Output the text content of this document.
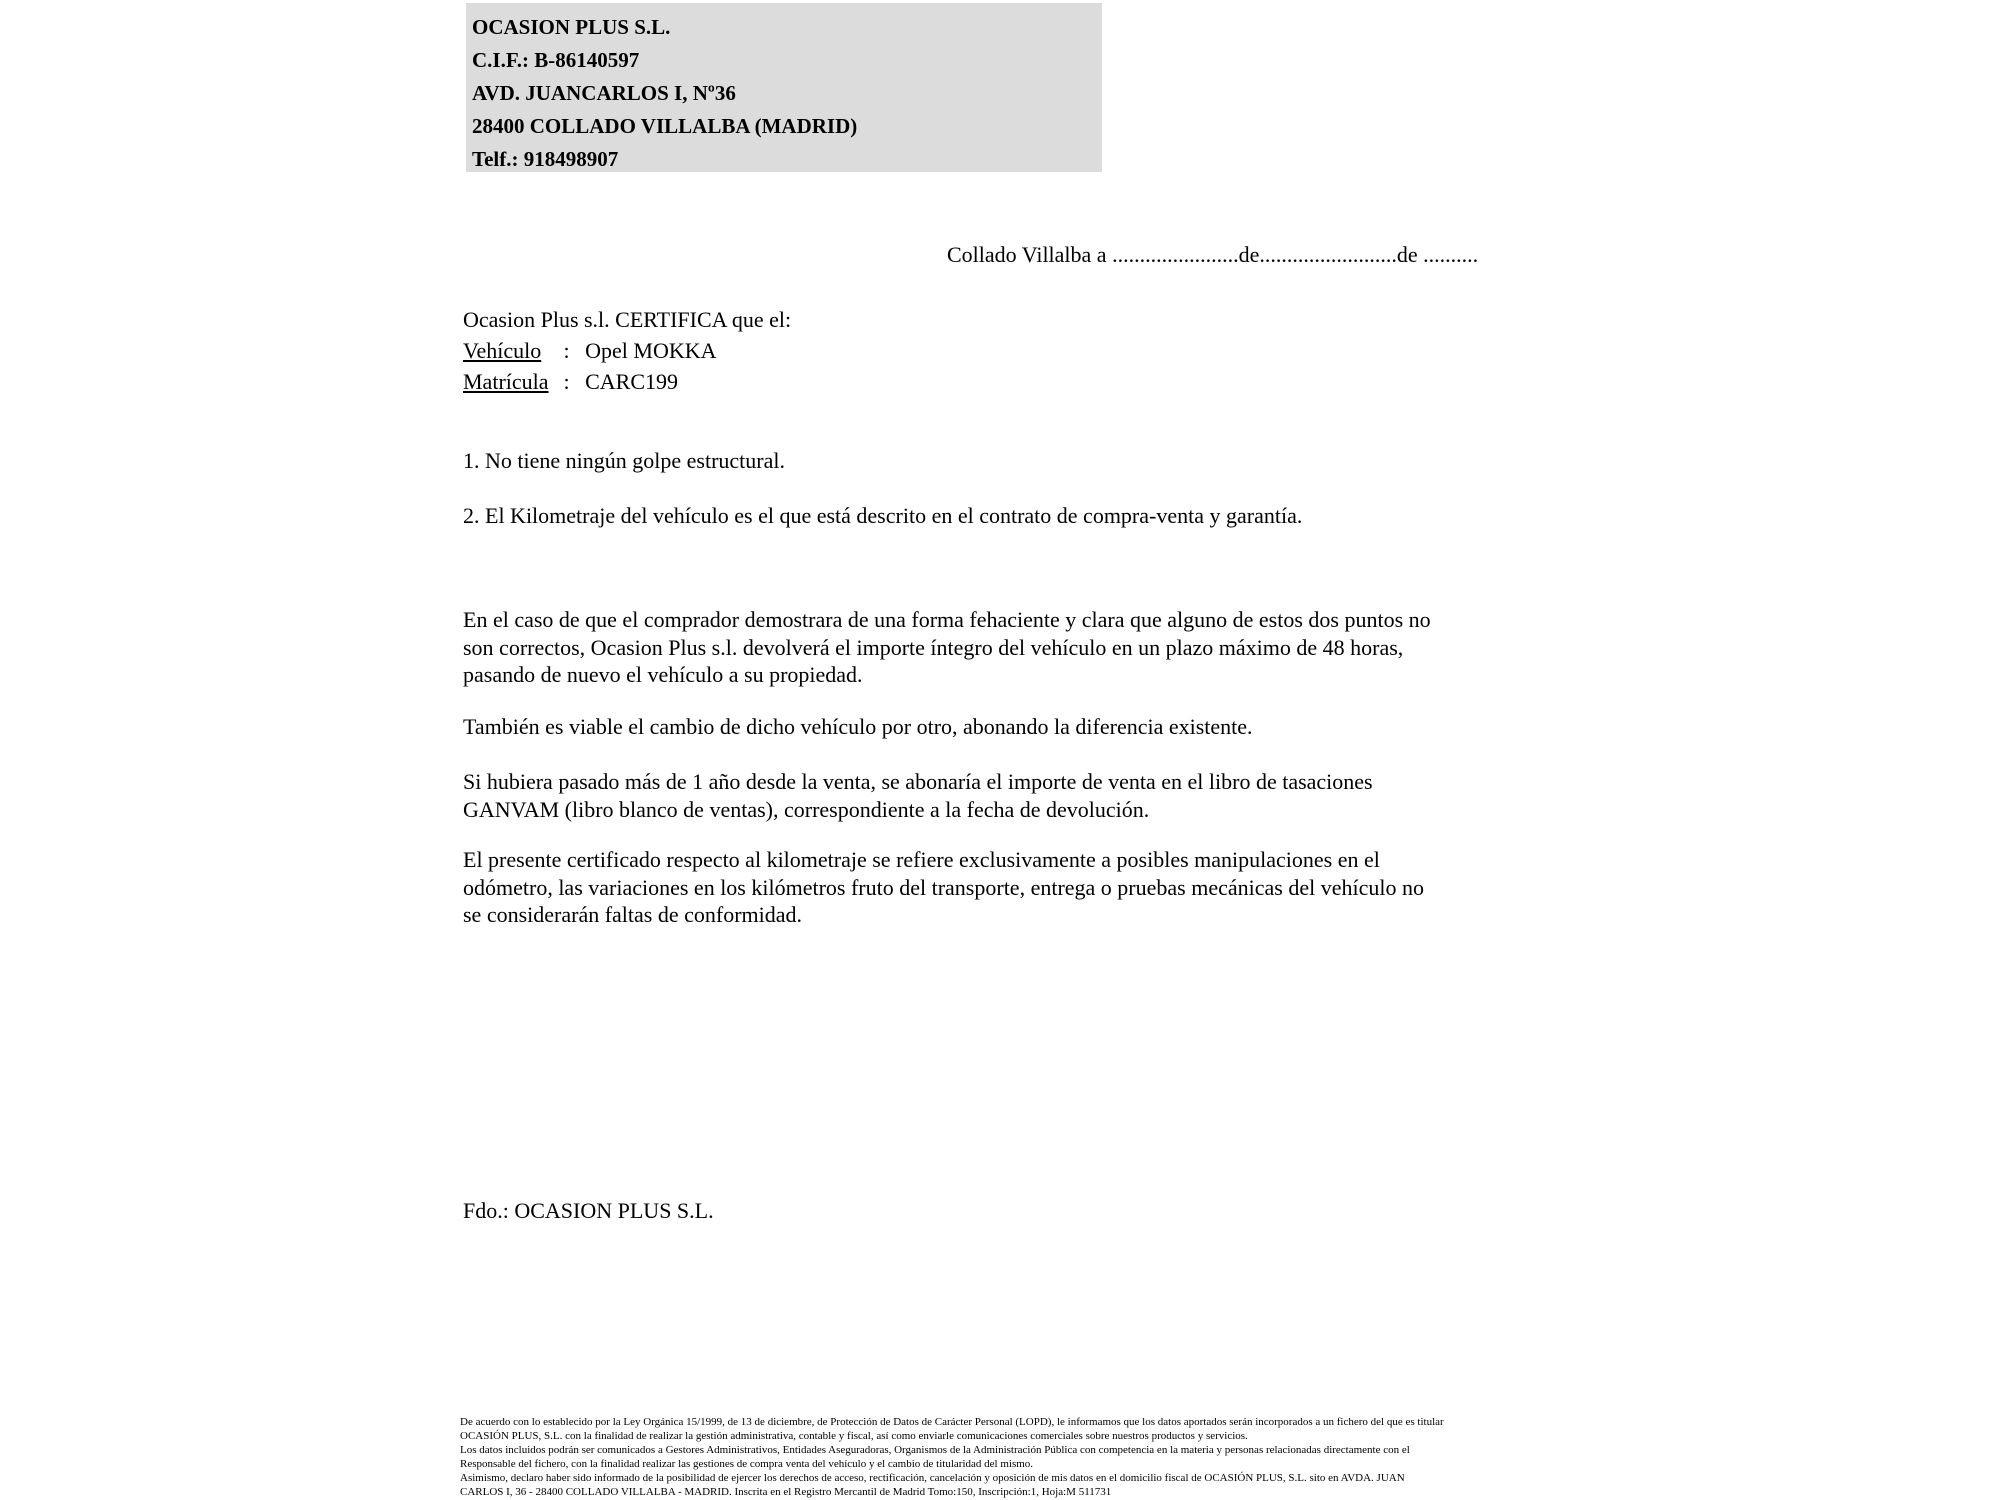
OCASION PLUS S.L.
C.I.F.: B-86140597
AVD. JUANCARLOS I, Nº36
28400 COLLADO VILLALBA (MADRID)
Telf.: 918498907
Collado Villalba a .......................de.........................de ..........
Ocasion Plus s.l. CERTIFICA que el:
Vehículo : Opel MOKKA
Matrícula : CARC199
1. No tiene ningún golpe estructural.
2. El Kilometraje del vehículo es el que está descrito en el contrato de compra-venta y garantía.
En el caso de que el comprador demostrara de una forma fehaciente y clara que alguno de estos dos puntos no
son correctos, Ocasion Plus s.l. devolverá el importe íntegro del vehículo en un plazo máximo de 48 horas,
pasando de nuevo el vehículo a su propiedad.
También es viable el cambio de dicho vehículo por otro, abonando la diferencia existente.
Si hubiera pasado más de 1 año desde la venta, se abonaría el importe de venta en el libro de tasaciones
GANVAM (libro blanco de ventas), correspondiente a la fecha de devolución.
El presente certificado respecto al kilometraje se refiere exclusivamente a posibles manipulaciones en el
odómetro, las variaciones en los kilómetros fruto del transporte, entrega o pruebas mecánicas del vehículo no
se considerarán faltas de conformidad.
Fdo.: OCASION PLUS S.L.
De acuerdo con lo establecido por la Ley Orgánica 15/1999, de 13 de diciembre, de Protección de Datos de Carácter Personal (LOPD), le informamos que los datos aportados serán incorporados a un fichero del que es titular
OCASIÓN PLUS, S.L. con la finalidad de realizar la gestión administrativa, contable y fiscal, así como enviarle comunicaciones comerciales sobre nuestros productos y servicios.
Los datos incluidos podrán ser comunicados a Gestores Administrativos, Entidades Aseguradoras, Organismos de la Administración Pública con competencia en la materia y personas relacionadas directamente con el
Responsable del fichero, con la finalidad realizar las gestiones de compra venta del vehículo y el cambio de titularidad del mismo.
Asimismo, declaro haber sido informado de la posibilidad de ejercer los derechos de acceso, rectificación, cancelación y oposición de mis datos en el domicilio fiscal de OCASIÓN PLUS, S.L. sito en AVDA. JUAN
CARLOS I, 36 - 28400 COLLADO VILLALBA - MADRID. Inscrita en el Registro Mercantil de Madrid Tomo:150, Inscripción:1, Hoja:M 511731
